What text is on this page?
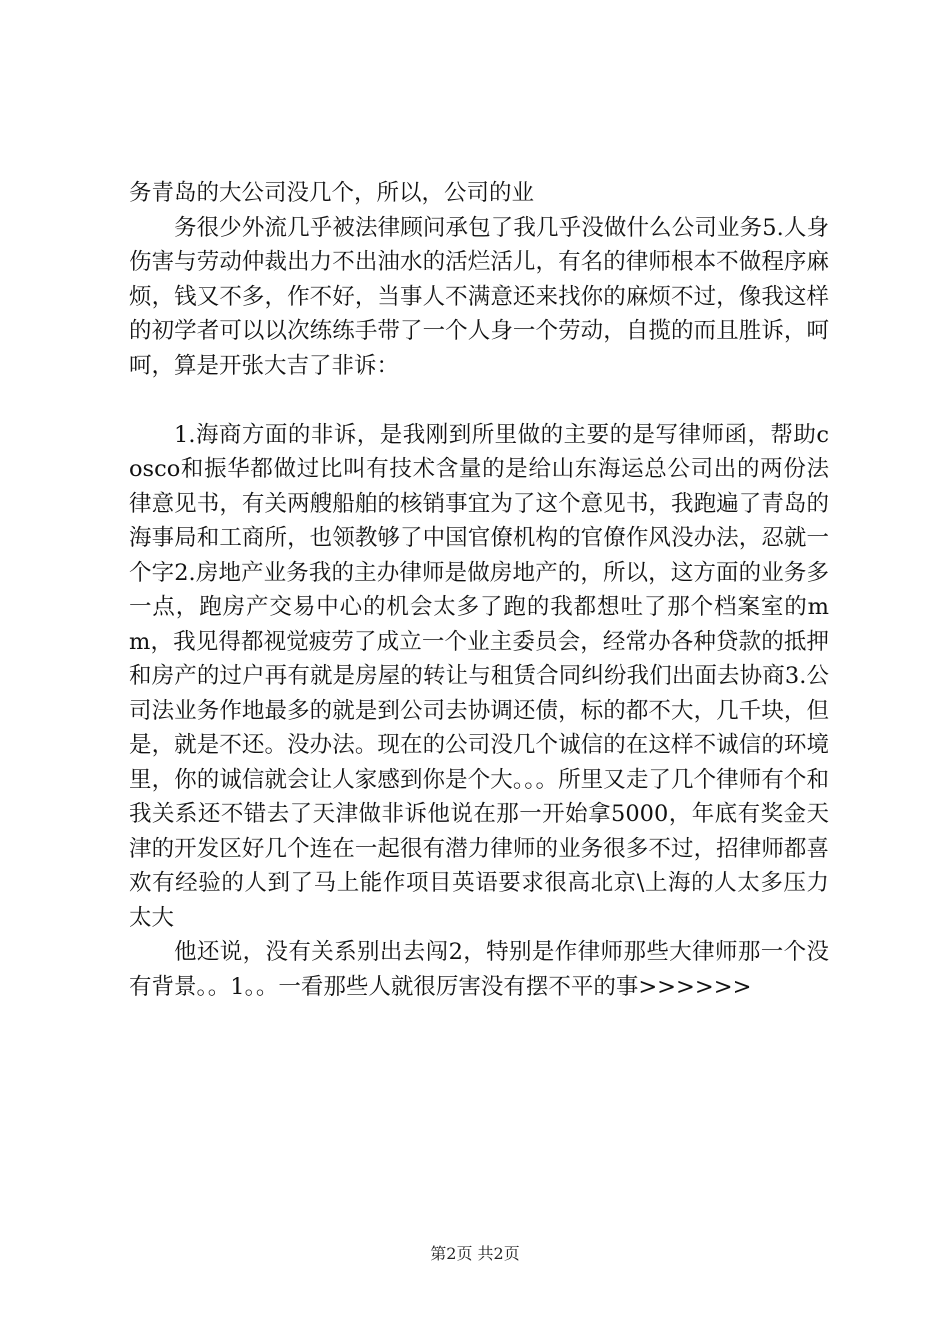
务青岛的大公司没几个，所以，公司的业

务很少外流几乎被法律顾问承包了我几乎没做什么公司业务5.人身伤害与劳动仲裁出力不出油水的活烂活儿，有名的律师根本不做程序麻烦，钱又不多，作不好，当事人不满意还来找你的麻烦不过，像我这样的初学者可以以次练练手带了一个人身一个劳动，自揽的而且胜诉，呵呵，算是开张大吉了非诉：

1.海商方面的非诉，是我刚到所里做的主要的是写律师函，帮助cosco和振华都做过比叫有技术含量的是给山东海运总公司出的两份法律意见书，有关两艘船舶的核销事宜为了这个意见书，我跑遍了青岛的海事局和工商所，也领教够了中国官僚机构的官僚作风没办法，忍就一个字2.房地产业务我的主办律师是做房地产的，所以，这方面的业务多一点，跑房产交易中心的机会太多了跑的我都想吐了那个档案室的mm，我见得都视觉疲劳了成立一个业主委员会，经常办各种贷款的抵押和房产的过户再有就是房屋的转让与租赁合同纠纷我们出面去协商3.公司法业务作地最多的就是到公司去协调还债，标的都不大，几千块，但是，就是不还。没办法。现在的公司没几个诚信的在这样不诚信的环境里，你的诚信就会让人家感到你是个大。。。所里又走了几个律师有个和我关系还不错去了天津做非诉他说在那一开始拿5000，年底有奖金天津的开发区好几个连在一起很有潜力律师的业务很多不过，招律师都喜欢有经验的人到了马上能作项目英语要求很高北京\上海的人太多压力太大

他还说，没有关系别出去闯2，特别是作律师那些大律师那一个没有背景。。1。。一看那些人就很厉害没有摆不平的事>>>>>>

第2页 共2页
